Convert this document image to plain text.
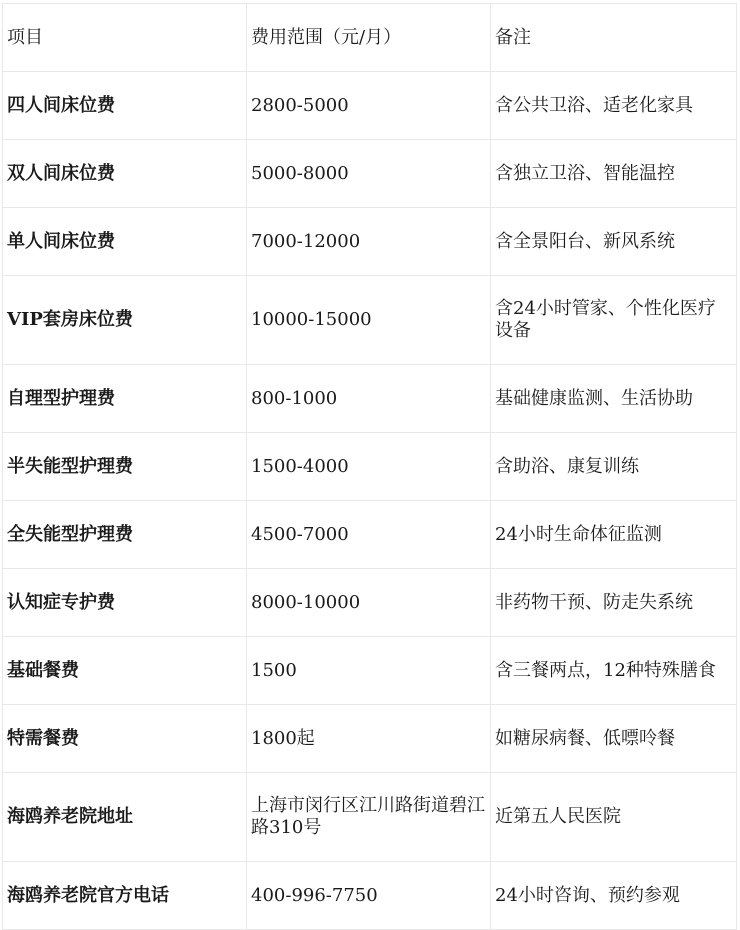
项目	费用范围（元/月）	备注
四人间床位费	2800-5000	含公共卫浴、适老化家具
双人间床位费	5000-8000	含独立卫浴、智能温控
单人间床位费	7000-12000	含全景阳台、新风系统
VIP套房床位费	10000-15000	含24小时管家、个性化医疗设备
自理型护理费	800-1000	基础健康监测、生活协助
半失能型护理费	1500-4000	含助浴、康复训练
全失能型护理费	4500-7000	24小时生命体征监测
认知症专护费	8000-10000	非药物干预、防走失系统
基础餐费	1500	含三餐两点，12种特殊膳食
特需餐费	1800起	如糖尿病餐、低嘌呤餐
海鸥养老院地址	上海市闵行区江川路街道碧江路310号	近第五人民医院
海鸥养老院官方电话	400-996-7750	24小时咨询、预约参观
